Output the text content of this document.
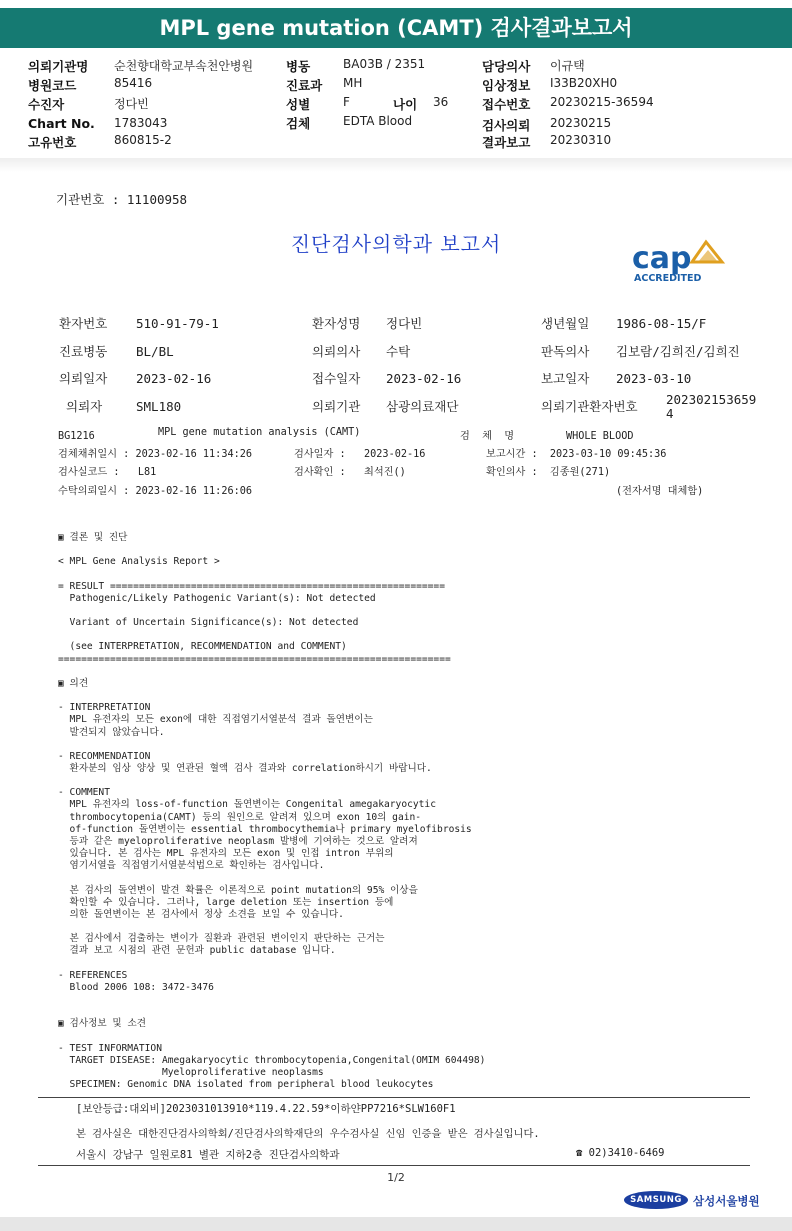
MPL gene mutation (CAMT) 검사결과보고서
의뢰기관명 순천향대학교부속천안병원
병원코드	85416
수진자	정다빈
Chart No. 1783043
고유번호	860815-2
병동	BA03B / 2351
진료과 MH
성별	F	나이 36
검체	EDTA Blood
담당의사 이규택
임상정보 I33B20XH0
접수번호 20230215-36594
검사의뢰 20230215
결과보고 20230310
기관번호 : 11100958
진단검사의학과 보고서	cap
ACCREDITED
환자번호 510-91-79-1	환자성명 정다빈	생년월일 1986-08-15/F
진료병동 BL/BL	의뢰의사 수탁	판독의사 김보람/김희진/김희진
의뢰일자 2023-02-16	접수일자 2023-02-16	보고일자 2023-03-10
의뢰자	SML180	의뢰기관 삼광의료재단	의뢰기관환자번호 202302153659
4
BG1216	MPL gene mutation analysis (CAMT)	검  체  명	WHOLE BLOOD
검체채취일시 : 2023-02-16 11:34:26	검사일자 :   2023-02-16	보고시간 :  2023-03-10 09:45:36
검사실코드 :   L81	검사확인 :   최석진()	확인의사 :  김종원(271)
수탁의뢰일시 : 2023-02-16 11:26:06	(전자서명 대체함)
▣ 결론 및 진단

< MPL Gene Analysis Report >

= RESULT ==========================================================
Pathogenic/Likely Pathogenic Variant(s): Not detected

Variant of Uncertain Significance(s): Not detected

(see INTERPRETATION, RECOMMENDATION and COMMENT)
====================================================================

▣ 의견

- INTERPRETATION
MPL 유전자의 모든 exon에 대한 직접염기서열분석 결과 돌연변이는
발견되지 않았습니다.

- RECOMMENDATION
환자분의 임상 양상 및 연관된 혈액 검사 결과와 correlation하시기 바랍니다.

- COMMENT
MPL 유전자의 loss-of-function 돌연변이는 Congenital amegakaryocytic
thrombocytopenia(CAMT) 등의 원인으로 알려져 있으며 exon 10의 gain-
of-function 돌연변이는 essential thrombocythemia나 primary myelofibrosis
등과 같은 myeloproliferative neoplasm 발병에 기여하는 것으로 알려져
있습니다. 본 검사는 MPL 유전자의 모든 exon 및 인접 intron 부위의
염기서열을 직접염기서열분석법으로 확인하는 검사입니다.

본 검사의 돌연변이 발견 확률은 이론적으로 point mutation의 95% 이상을
확인할 수 있습니다. 그러나, large deletion 또는 insertion 등에
의한 돌연변이는 본 검사에서 정상 소견을 보일 수 있습니다.

본 검사에서 검출하는 변이가 질환과 관련된 변이인지 판단하는 근거는
결과 보고 시점의 관련 문헌과 public database 입니다.

- REFERENCES
Blood 2006 108: 3472-3476

▣ 검사정보 및 소견

- TEST INFORMATION
TARGET DISEASE: Amegakaryocytic thrombocytopenia,Congenital(OMIM 604498)
Myeloproliferative neoplasms
SPECIMEN: Genomic DNA isolated from peripheral blood leukocytes
[보안등급:대외비]2023031013910*119.4.22.59*이하얀PP7216*SLW160F1
본 검사실은 대한진단검사의학회/진단검사의학재단의 우수검사실 신임 인증을 받은 검사실입니다.
서울시 강남구 일원로81 별관 지하2층 진단검사의학과	☎ 02)3410-6469
1/2
SAMSUNG 삼성서울병원
